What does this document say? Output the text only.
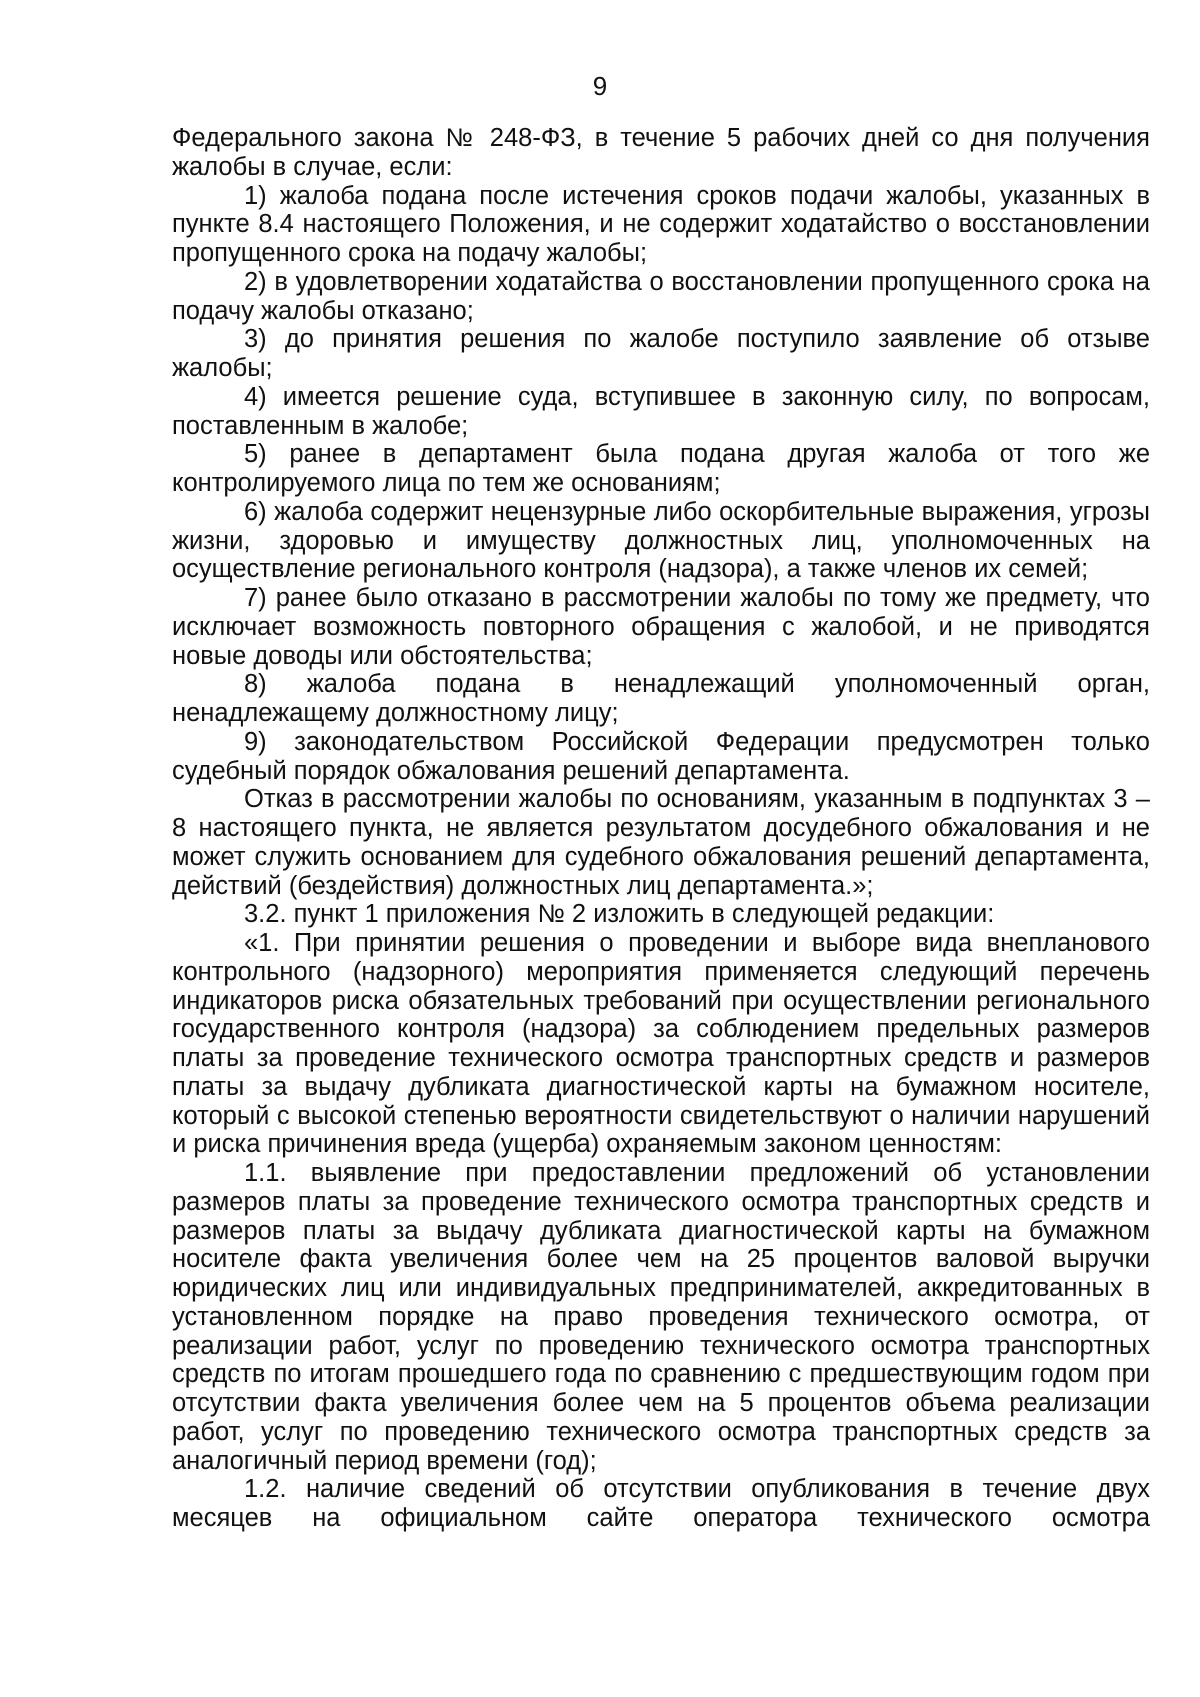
9

Федерального закона № 248-ФЗ, в течение 5 рабочих дней со дня получения жалобы в случае, если:

1) жалоба подана после истечения сроков подачи жалобы, указанных в пункте 8.4 настоящего Положения, и не содержит ходатайство о восстановлении пропущенного срока на подачу жалобы;

2) в удовлетворении ходатайства о восстановлении пропущенного срока на подачу жалобы отказано;

3) до принятия решения по жалобе поступило заявление об отзыве жалобы;

4) имеется решение суда, вступившее в законную силу, по вопросам, поставленным в жалобе;

5) ранее в департамент была подана другая жалоба от того же контролируемого лица по тем же основаниям;

6) жалоба содержит нецензурные либо оскорбительные выражения, угрозы жизни, здоровью и имуществу должностных лиц, уполномоченных на осуществление регионального контроля (надзора), а также членов их семей;

7) ранее было отказано в рассмотрении жалобы по тому же предмету, что исключает возможность повторного обращения с жалобой, и не приводятся новые доводы или обстоятельства;

8) жалоба подана в ненадлежащий уполномоченный орган, ненадлежащему должностному лицу;

9) законодательством Российской Федерации предусмотрен только судебный порядок обжалования решений департамента.

Отказ в рассмотрении жалобы по основаниям, указанным в подпунктах 3 – 8 настоящего пункта, не является результатом досудебного обжалования и не может служить основанием для судебного обжалования решений департамента, действий (бездействия) должностных лиц департамента.»;

3.2. пункт 1 приложения № 2 изложить в следующей редакции:

«1. При принятии решения о проведении и выборе вида внепланового контрольного (надзорного) мероприятия применяется следующий перечень индикаторов риска обязательных требований при осуществлении регионального государственного контроля (надзора) за соблюдением предельных размеров платы за проведение технического осмотра транспортных средств и размеров платы за выдачу дубликата диагностической карты на бумажном носителе, который с высокой степенью вероятности свидетельствуют о наличии нарушений и риска причинения вреда (ущерба) охраняемым законом ценностям:

1.1. выявление при предоставлении предложений об установлении размеров платы за проведение технического осмотра транспортных средств и размеров платы за выдачу дубликата диагностической карты на бумажном носителе факта увеличения более чем на 25 процентов валовой выручки юридических лиц или индивидуальных предпринимателей, аккредитованных в установленном порядке на право проведения технического осмотра, от реализации работ, услуг по проведению технического осмотра транспортных средств по итогам прошедшего года по сравнению с предшествующим годом при отсутствии факта увеличения более чем на 5 процентов объема реализации работ, услуг по проведению технического осмотра транспортных средств за аналогичный период времени (год);

1.2. наличие сведений об отсутствии опубликования в течение двух месяцев на официальном сайте оператора технического осмотра
